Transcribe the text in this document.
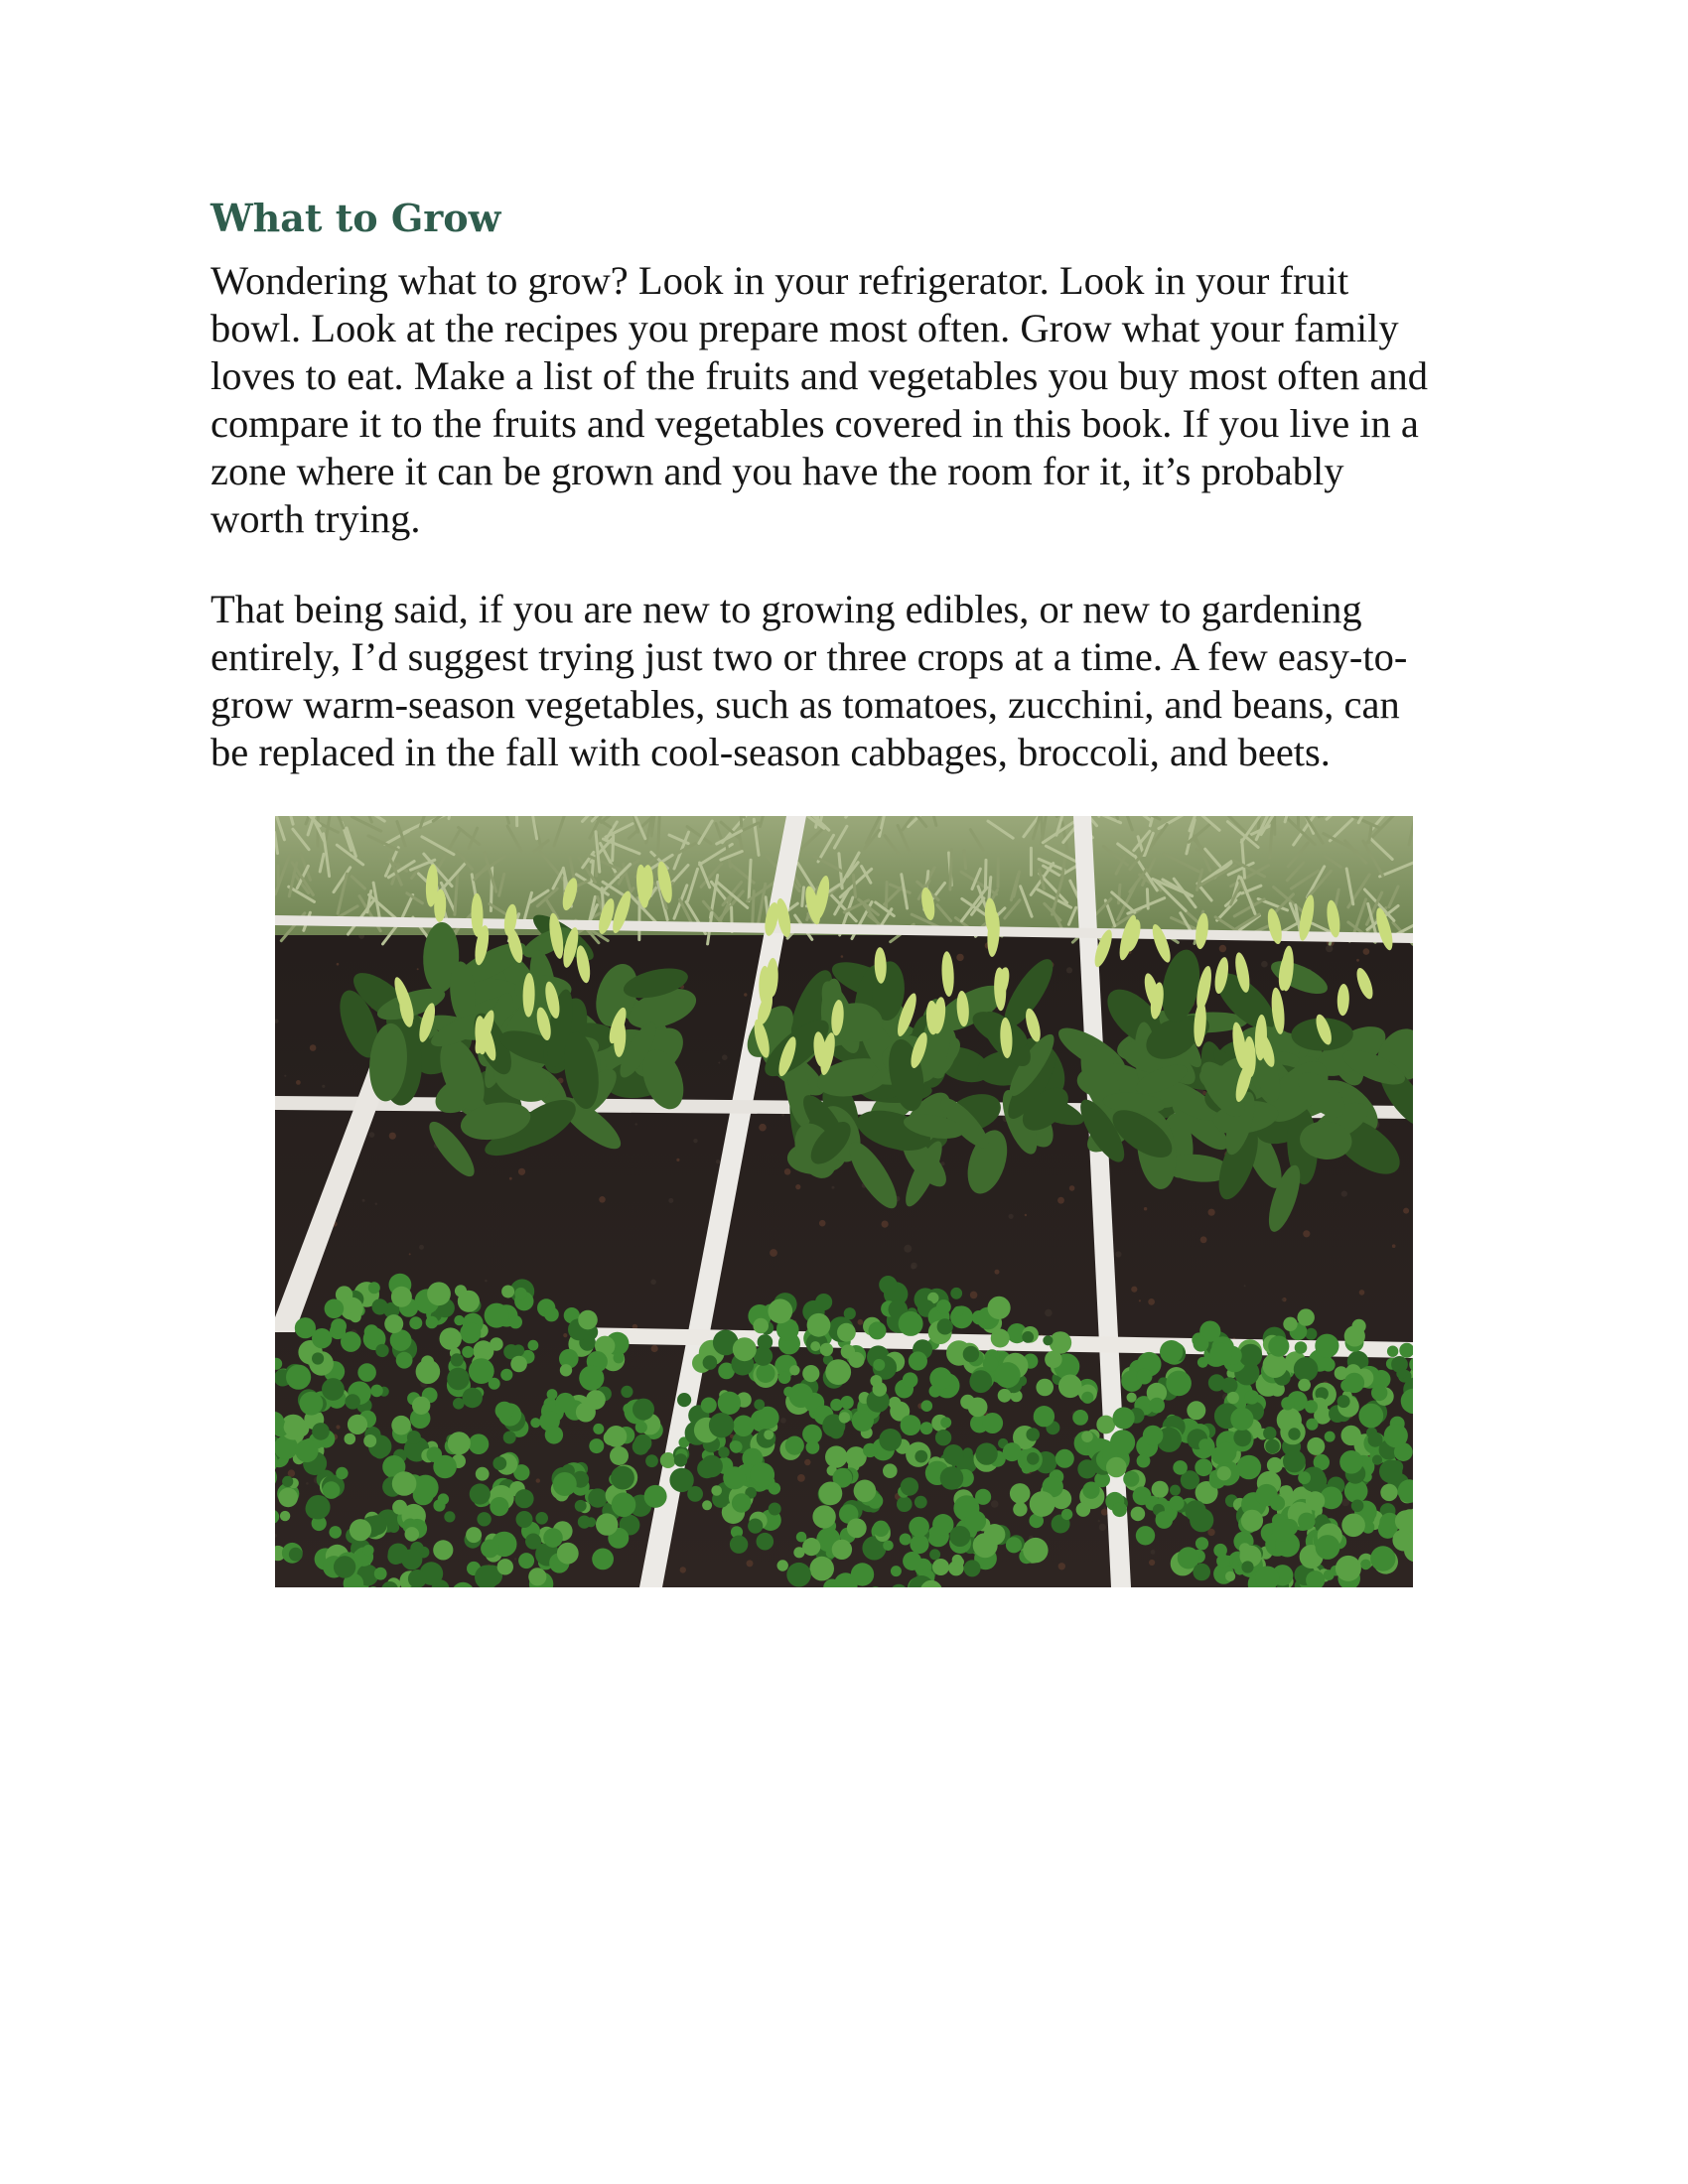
What to Grow

Wondering what to grow? Look in your refrigerator. Look in your fruit
bowl. Look at the recipes you prepare most often. Grow what your family
loves to eat. Make a list of the fruits and vegetables you buy most often and
compare it to the fruits and vegetables covered in this book. If you live in a
zone where it can be grown and you have the room for it, it’s probably
worth trying.

That being said, if you are new to growing edibles, or new to gardening
entirely, I’d suggest trying just two or three crops at a time. A few easy-to-
grow warm-season vegetables, such as tomatoes, zucchini, and beans, can
be replaced in the fall with cool-season cabbages, broccoli, and beets.
